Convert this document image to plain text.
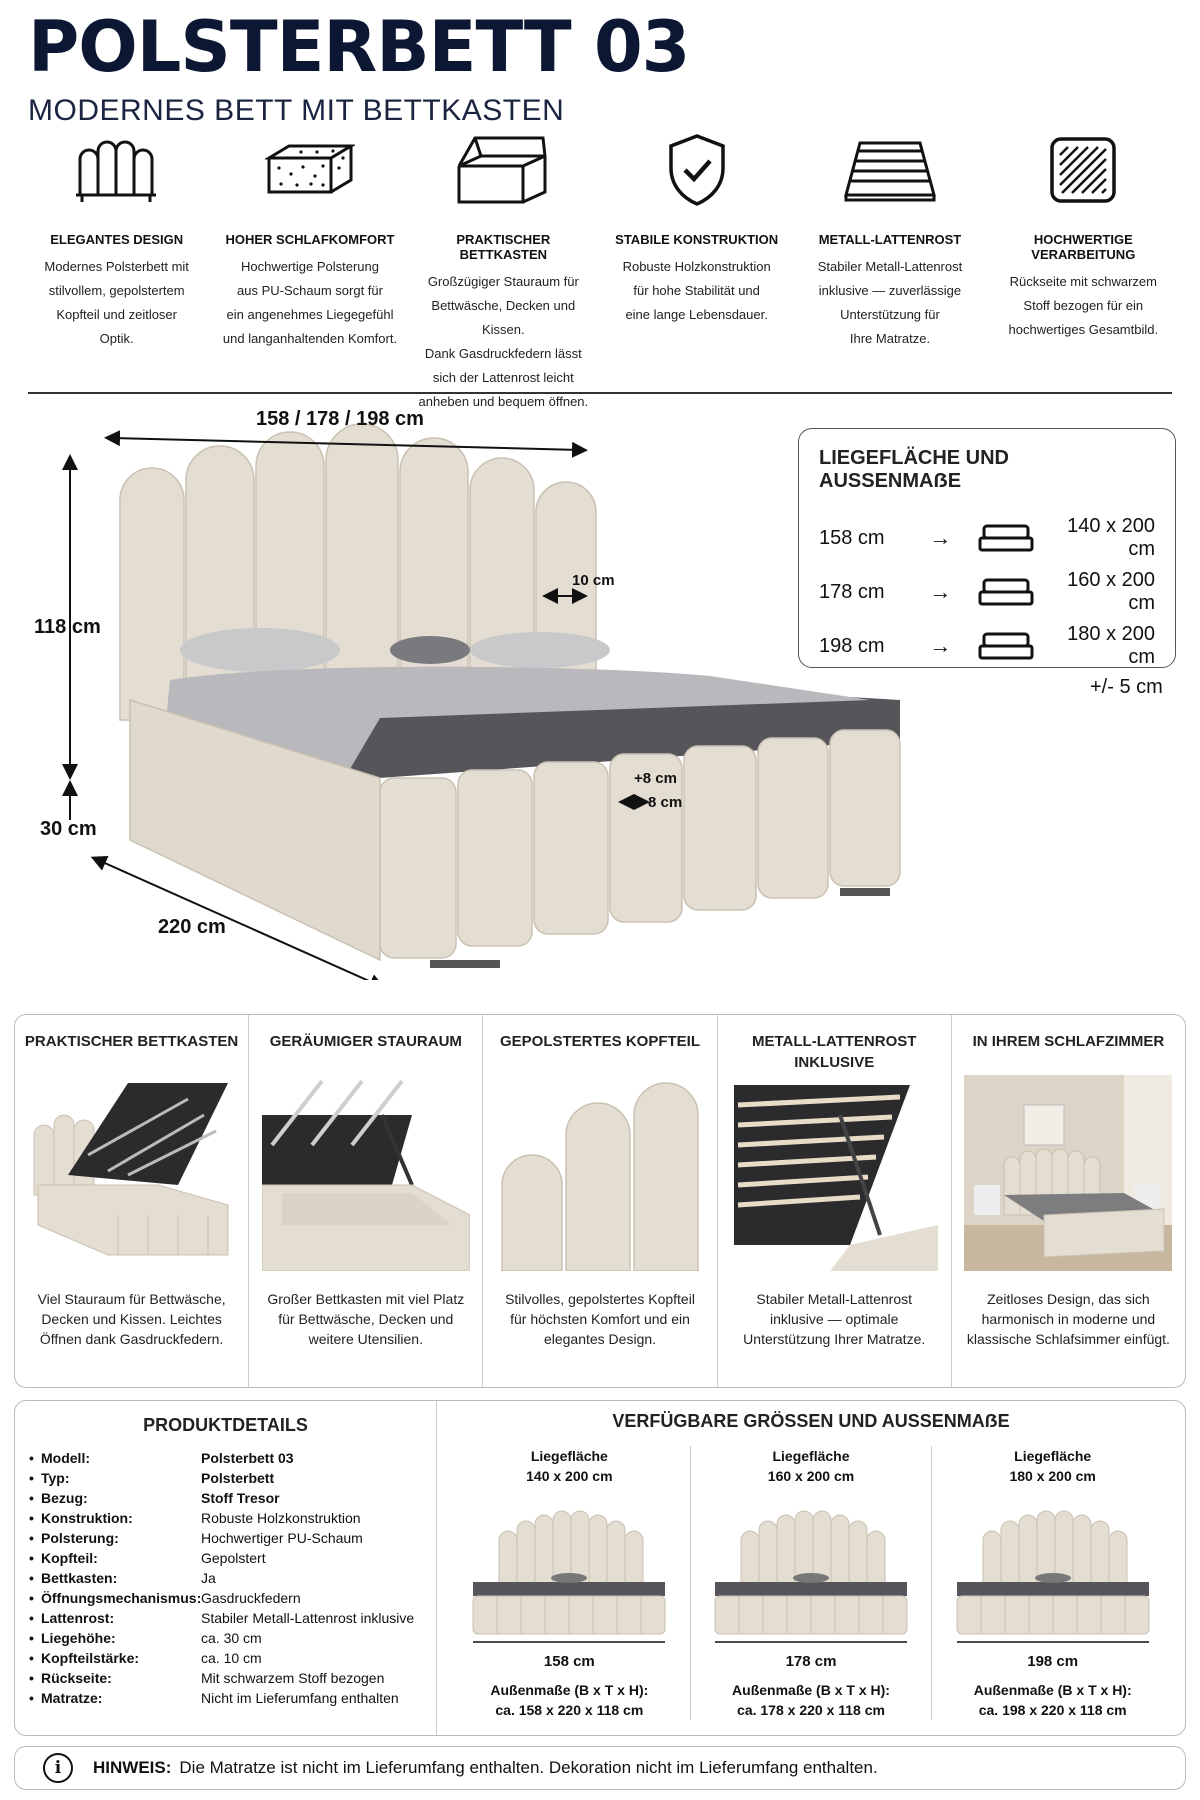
POLSTERBETT 03
MODERNES BETT MIT BETTKASTEN
ELEGANTES DESIGN
Modernes Polsterbett mit
stilvollem, gepolstertem
Kopfteil und zeitloser
Optik.
HOHER SCHLAFKOMFORT
Hochwertige Polsterung
aus PU-Schaum sorgt für
ein angenehmes Liegegefühl
und langanhaltenden Komfort.
PRAKTISCHER BETTKASTEN
Großzügiger Stauraum für
Bettwäsche, Decken und Kissen.
Dank Gasdruckfedern lässt
sich der Lattenrost leicht
anheben und bequem öffnen.
STABILE KONSTRUKTION
Robuste Holzkonstruktion
für hohe Stabilität und
eine lange Lebensdauer.
METALL-LATTENROST
Stabiler Metall-Lattenrost
inklusive — zuverlässige
Unterstützung für
Ihre Matratze.
HOCHWERTIGE VERARBEITUNG
Rückseite mit schwarzem
Stoff bezogen für ein
hochwertiges Gesamtbild.
158 / 178 / 198 cm
118 cm
30 cm
220 cm
10 cm
+8 cm
8 cm
LIEGEFLÄCHE UND AUSSENMAẞE
158 cm	→	140 x 200 cm
178 cm	→	160 x 200 cm
198 cm	→	180 x 200 cm
+/- 5 cm
PRAKTISCHER BETTKASTEN
Viel Stauraum für Bettwäsche,
Decken und Kissen. Leichtes
Öffnen dank Gasdruckfedern.
GERÄUMIGER STAURAUM
Großer Bettkasten mit viel Platz
für Bettwäsche, Decken und
weitere Utensilien.
GEPOLSTERTES KOPFTEIL
Stilvolles, gepolstertes Kopfteil
für höchsten Komfort und ein
elegantes Design.
METALL-LATTENROST INKLUSIVE
Stabiler Metall-Lattenrost
inklusive — optimale
Unterstützung Ihrer Matratze.
IN IHREM SCHLAFZIMMER
Zeitloses Design, das sich
harmonisch in moderne und
klassische Schlafsimmer einfügt.
PRODUKTDETAILS
• Modell:	Polsterbett 03
• Typ:	Polsterbett
• Bezug:	Stoff Tresor
• Konstruktion:	Robuste Holzkonstruktion
• Polsterung:	Hochwertiger PU-Schaum
• Kopfteil:	Gepolstert
• Bettkasten:	Ja
• Öffnungsmechanismus: Gasdruckfedern
• Lattenrost:	Stabiler Metall-Lattenrost inklusive
• Liegehöhe:	ca. 30 cm
• Kopfteilstärke:	ca. 10 cm
• Rückseite:	Mit schwarzem Stoff bezogen
• Matratze:	Nicht im Lieferumfang enthalten
VERFÜGBARE GRÖSSEN UND AUSSENMAẞE
Liegefläche
140 x 200 cm
158 cm
Außenmaße (B x T x H):
ca. 158 x 220 x 118 cm
Liegefläche
160 x 200 cm
178 cm
Außenmaße (B x T x H):
ca. 178 x 220 x 118 cm
Liegefläche
180 x 200 cm
198 cm
Außenmaße (B x T x H):
ca. 198 x 220 x 118 cm
i	HINWEIS: Die Matratze ist nicht im Lieferumfang enthalten. Dekoration nicht im Lieferumfang enthalten.
